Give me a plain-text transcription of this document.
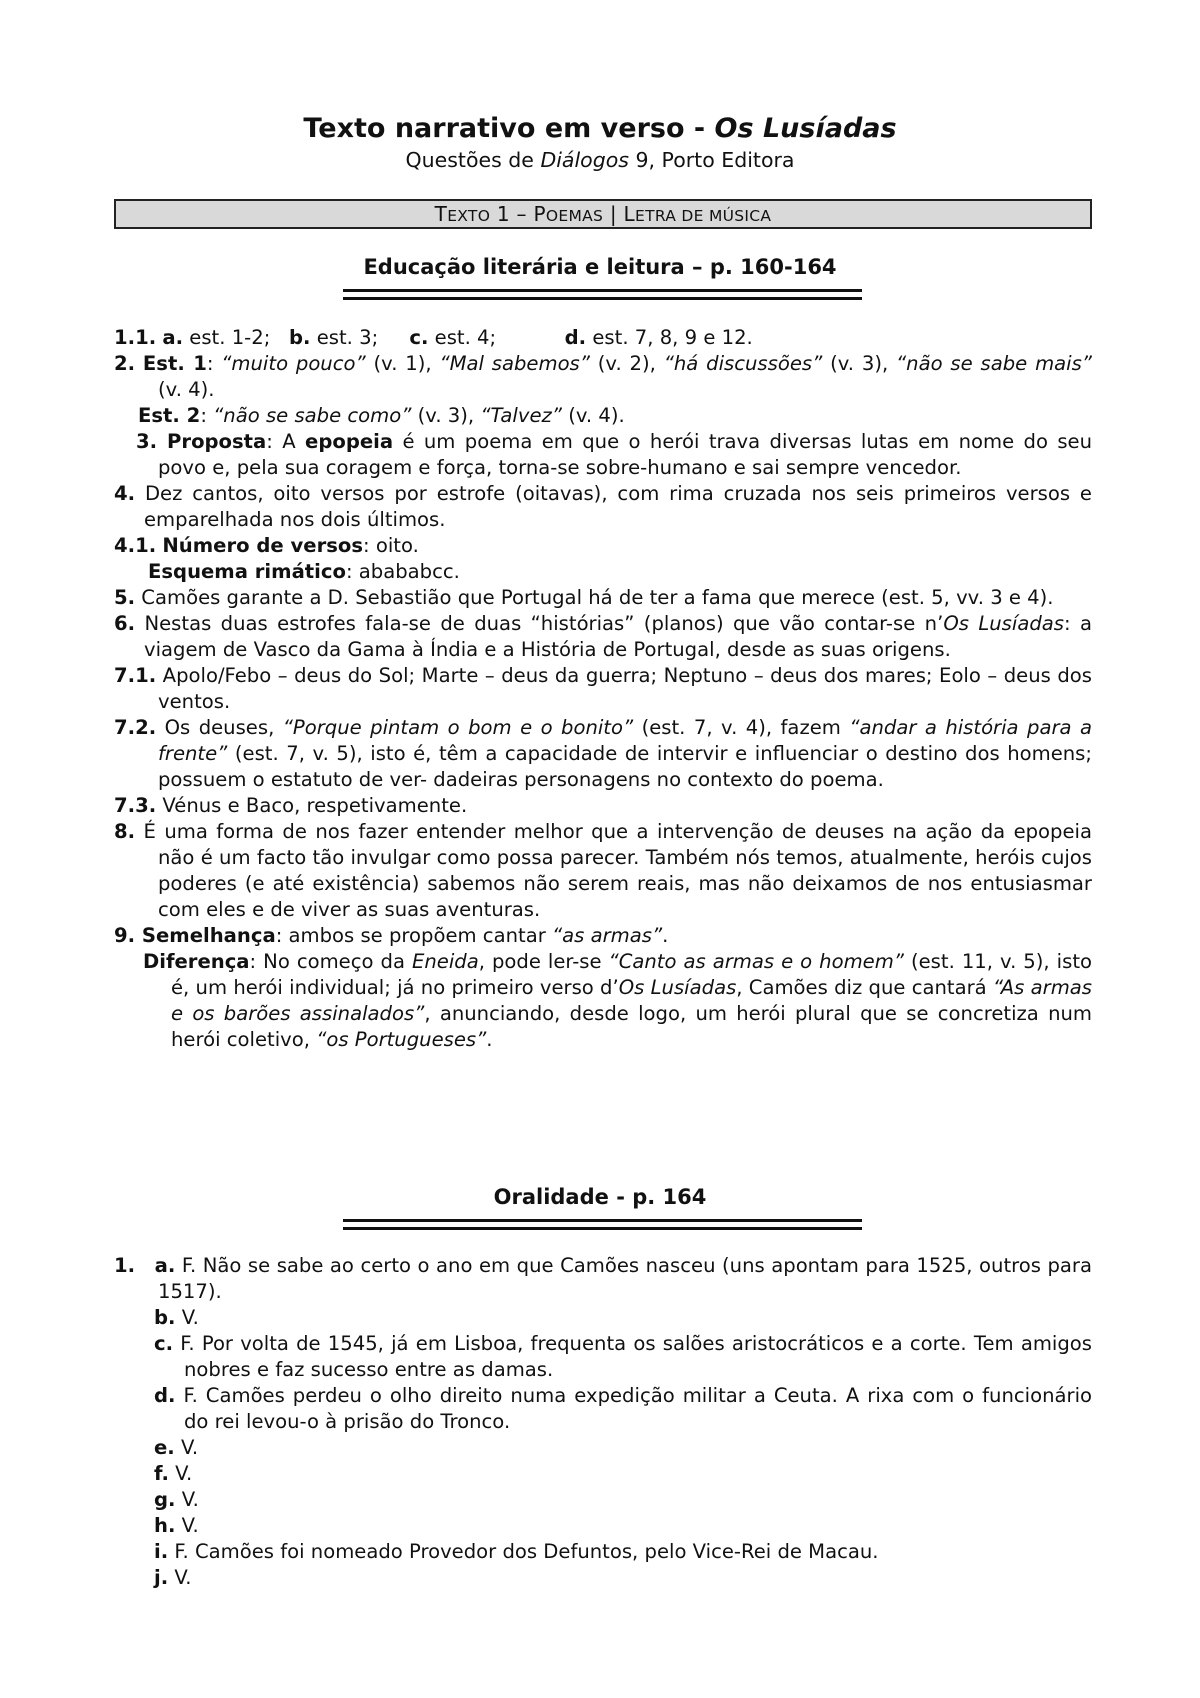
Texto narrativo em verso - Os Lusíadas
Questões de Diálogos 9, Porto Editora
TEXTO 1 – POEMAS | LETRA DE MÚSICA
Educação literária e leitura – p. 160-164

1.1. a. est. 1-2; b. est. 3; c. est. 4;	d. est. 7, 8, 9 e 12.

2. Est. 1: “muito pouco” (v. 1), “Mal sabemos” (v. 2), “há discussões” (v. 3), “não se sabe mais” (v. 4).

Est. 2: “não se sabe como” (v. 3), “Talvez” (v. 4).

3. Proposta: A epopeia é um poema em que o herói trava diversas lutas em nome do seu povo e, pela sua coragem e força, torna-se sobre-humano e sai sempre vencedor.

4. Dez cantos, oito versos por estrofe (oitavas), com rima cruzada nos seis primeiros versos e emparelhada nos dois últimos.

4.1. Número de versos: oito.

Esquema rimático: abababcc.

5. Camões garante a D. Sebastião que Portugal há de ter a fama que merece (est. 5, vv. 3 e 4).

6. Nestas duas estrofes fala-se de duas “histórias” (planos) que vão contar-se n’Os Lusíadas: a viagem de Vasco da Gama à Índia e a História de Portugal, desde as suas origens.

7.1. Apolo/Febo – deus do Sol; Marte – deus da guerra; Neptuno – deus dos mares; Eolo – deus dos ventos.

7.2. Os deuses, “Porque pintam o bom e o bonito” (est. 7, v. 4), fazem “andar a história para a frente” (est. 7, v. 5), isto é, têm a capacidade de intervir e influenciar o destino dos homens; possuem o estatuto de ver- dadeiras personagens no contexto do poema.

7.3. Vénus e Baco, respetivamente.

8. É uma forma de nos fazer entender melhor que a intervenção de deuses na ação da epopeia não é um facto tão invulgar como possa parecer. Também nós temos, atualmente, heróis cujos poderes (e até existência) sabemos não serem reais, mas não deixamos de nos entusiasmar com eles e de viver as suas aventuras.

9. Semelhança: ambos se propõem cantar “as armas”.

Diferença: No começo da Eneida, pode ler-se “Canto as armas e o homem” (est. 11, v. 5), isto é, um herói individual; já no primeiro verso d’Os Lusíadas, Camões diz que cantará “As armas e os barões assinalados”, anunciando, desde logo, um herói plural que se concretiza num herói coletivo, “os Portugueses”.

Oralidade - p. 164

1. a. F. Não se sabe ao certo o ano em que Camões nasceu (uns apontam para 1525, outros para 1517).

b. V.

c. F. Por volta de 1545, já em Lisboa, frequenta os salões aristocráticos e a corte. Tem amigos nobres e faz sucesso entre as damas.

d. F. Camões perdeu o olho direito numa expedição militar a Ceuta. A rixa com o funcionário do rei levou-o à prisão do Tronco.

e. V.

f. V.

g. V.

h. V.

i. F. Camões foi nomeado Provedor dos Defuntos, pelo Vice-Rei de Macau.

j. V.
